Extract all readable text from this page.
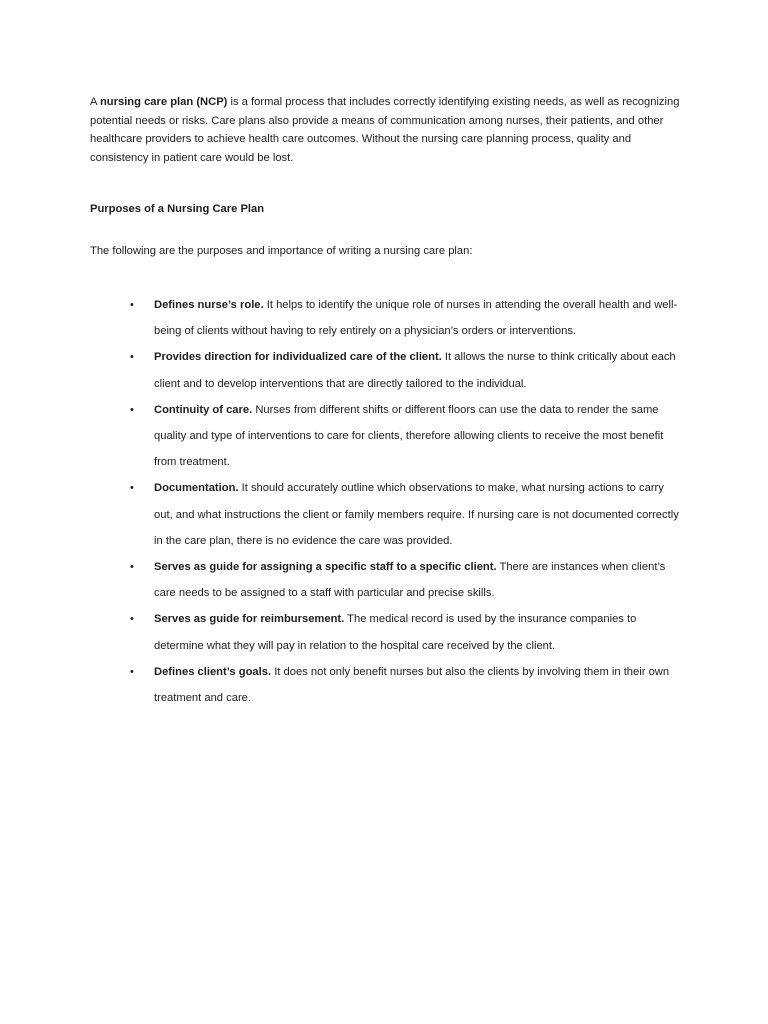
A nursing care plan (NCP) is a formal process that includes correctly identifying existing needs, as well as recognizing potential needs or risks. Care plans also provide a means of communication among nurses, their patients, and other healthcare providers to achieve health care outcomes. Without the nursing care planning process, quality and consistency in patient care would be lost.

Purposes of a Nursing Care Plan

The following are the purposes and importance of writing a nursing care plan:

• Defines nurse’s role. It helps to identify the unique role of nurses in attending the overall health and well-being of clients without having to rely entirely on a physician’s orders or interventions.
• Provides direction for individualized care of the client. It allows the nurse to think critically about each client and to develop interventions that are directly tailored to the individual.
• Continuity of care. Nurses from different shifts or different floors can use the data to render the same quality and type of interventions to care for clients, therefore allowing clients to receive the most benefit from treatment.
• Documentation. It should accurately outline which observations to make, what nursing actions to carry out, and what instructions the client or family members require. If nursing care is not documented correctly in the care plan, there is no evidence the care was provided.
• Serves as guide for assigning a specific staff to a specific client. There are instances when client’s care needs to be assigned to a staff with particular and precise skills.
• Serves as guide for reimbursement. The medical record is used by the insurance companies to determine what they will pay in relation to the hospital care received by the client.
• Defines client’s goals. It does not only benefit nurses but also the clients by involving them in their own treatment and care.
